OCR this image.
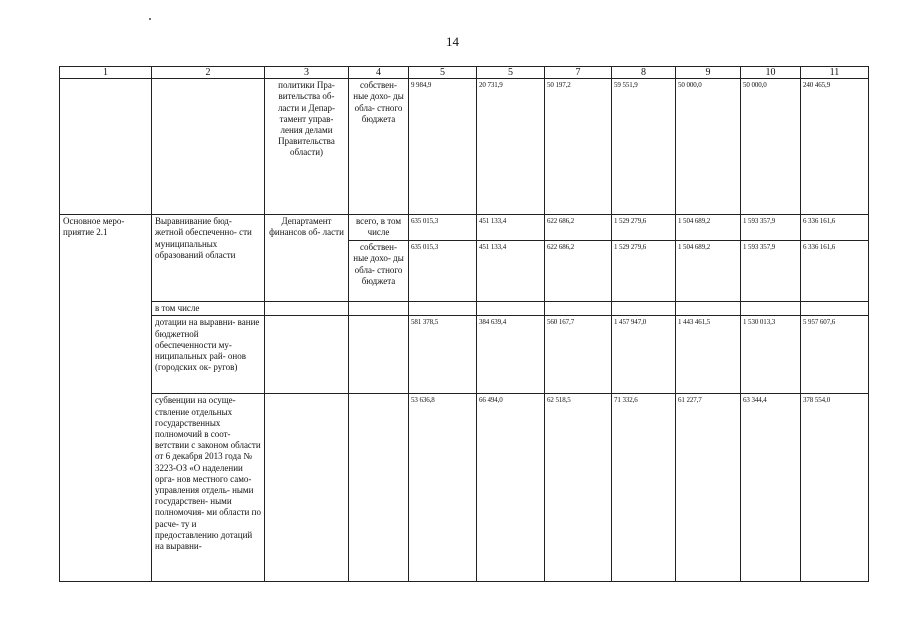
14
1	2	3	4	5	5	7	8	9	10	11
		политики Пра- вительства об- ласти и Депар- тамент управ- ления делами Правительства области)	собствен- ные дохо- ды обла- стного бюджета	9 984,9	20 731,9	50 197,2	59 551,9	50 000,0	50 000,0	240 465,9
Основное меро- приятие 2.1	Выравнивание бюд- жетной обеспеченно- сти муниципальных образований области	Департамент финансов об- ласти	всего, в том числе	635 015,3	451 133,4	622 686,2	1 529 279,6	1 504 689,2	1 593 357,9	6 336 161,6
			собствен- ные дохо- ды обла- стного бюджета	635 015,3	451 133,4	622 686,2	1 529 279,6	1 504 689,2	1 593 357,9	6 336 161,6
	в том числе									
	дотации на выравни- вание бюджетной обеспеченности му- ниципальных рай- онов (городских ок- ругов)			581 378,5	384 639,4	560 167,7	1 457 947,0	1 443 461,5	1 530 013,3	5 957 607,6
	субвенции на осуще- ствление отдельных государственных полномочий в соот- ветствии с законом области от 6 декабря 2013 года № 3223-ОЗ «О наделении орга- нов местного само- управления отдель- ными государствен- ными полномочия- ми области по расче- ту и предоставлению дотаций на выравни-			53 636,8	66 494,0	62 518,5	71 332,6	61 227,7	63 344,4	378 554,0
